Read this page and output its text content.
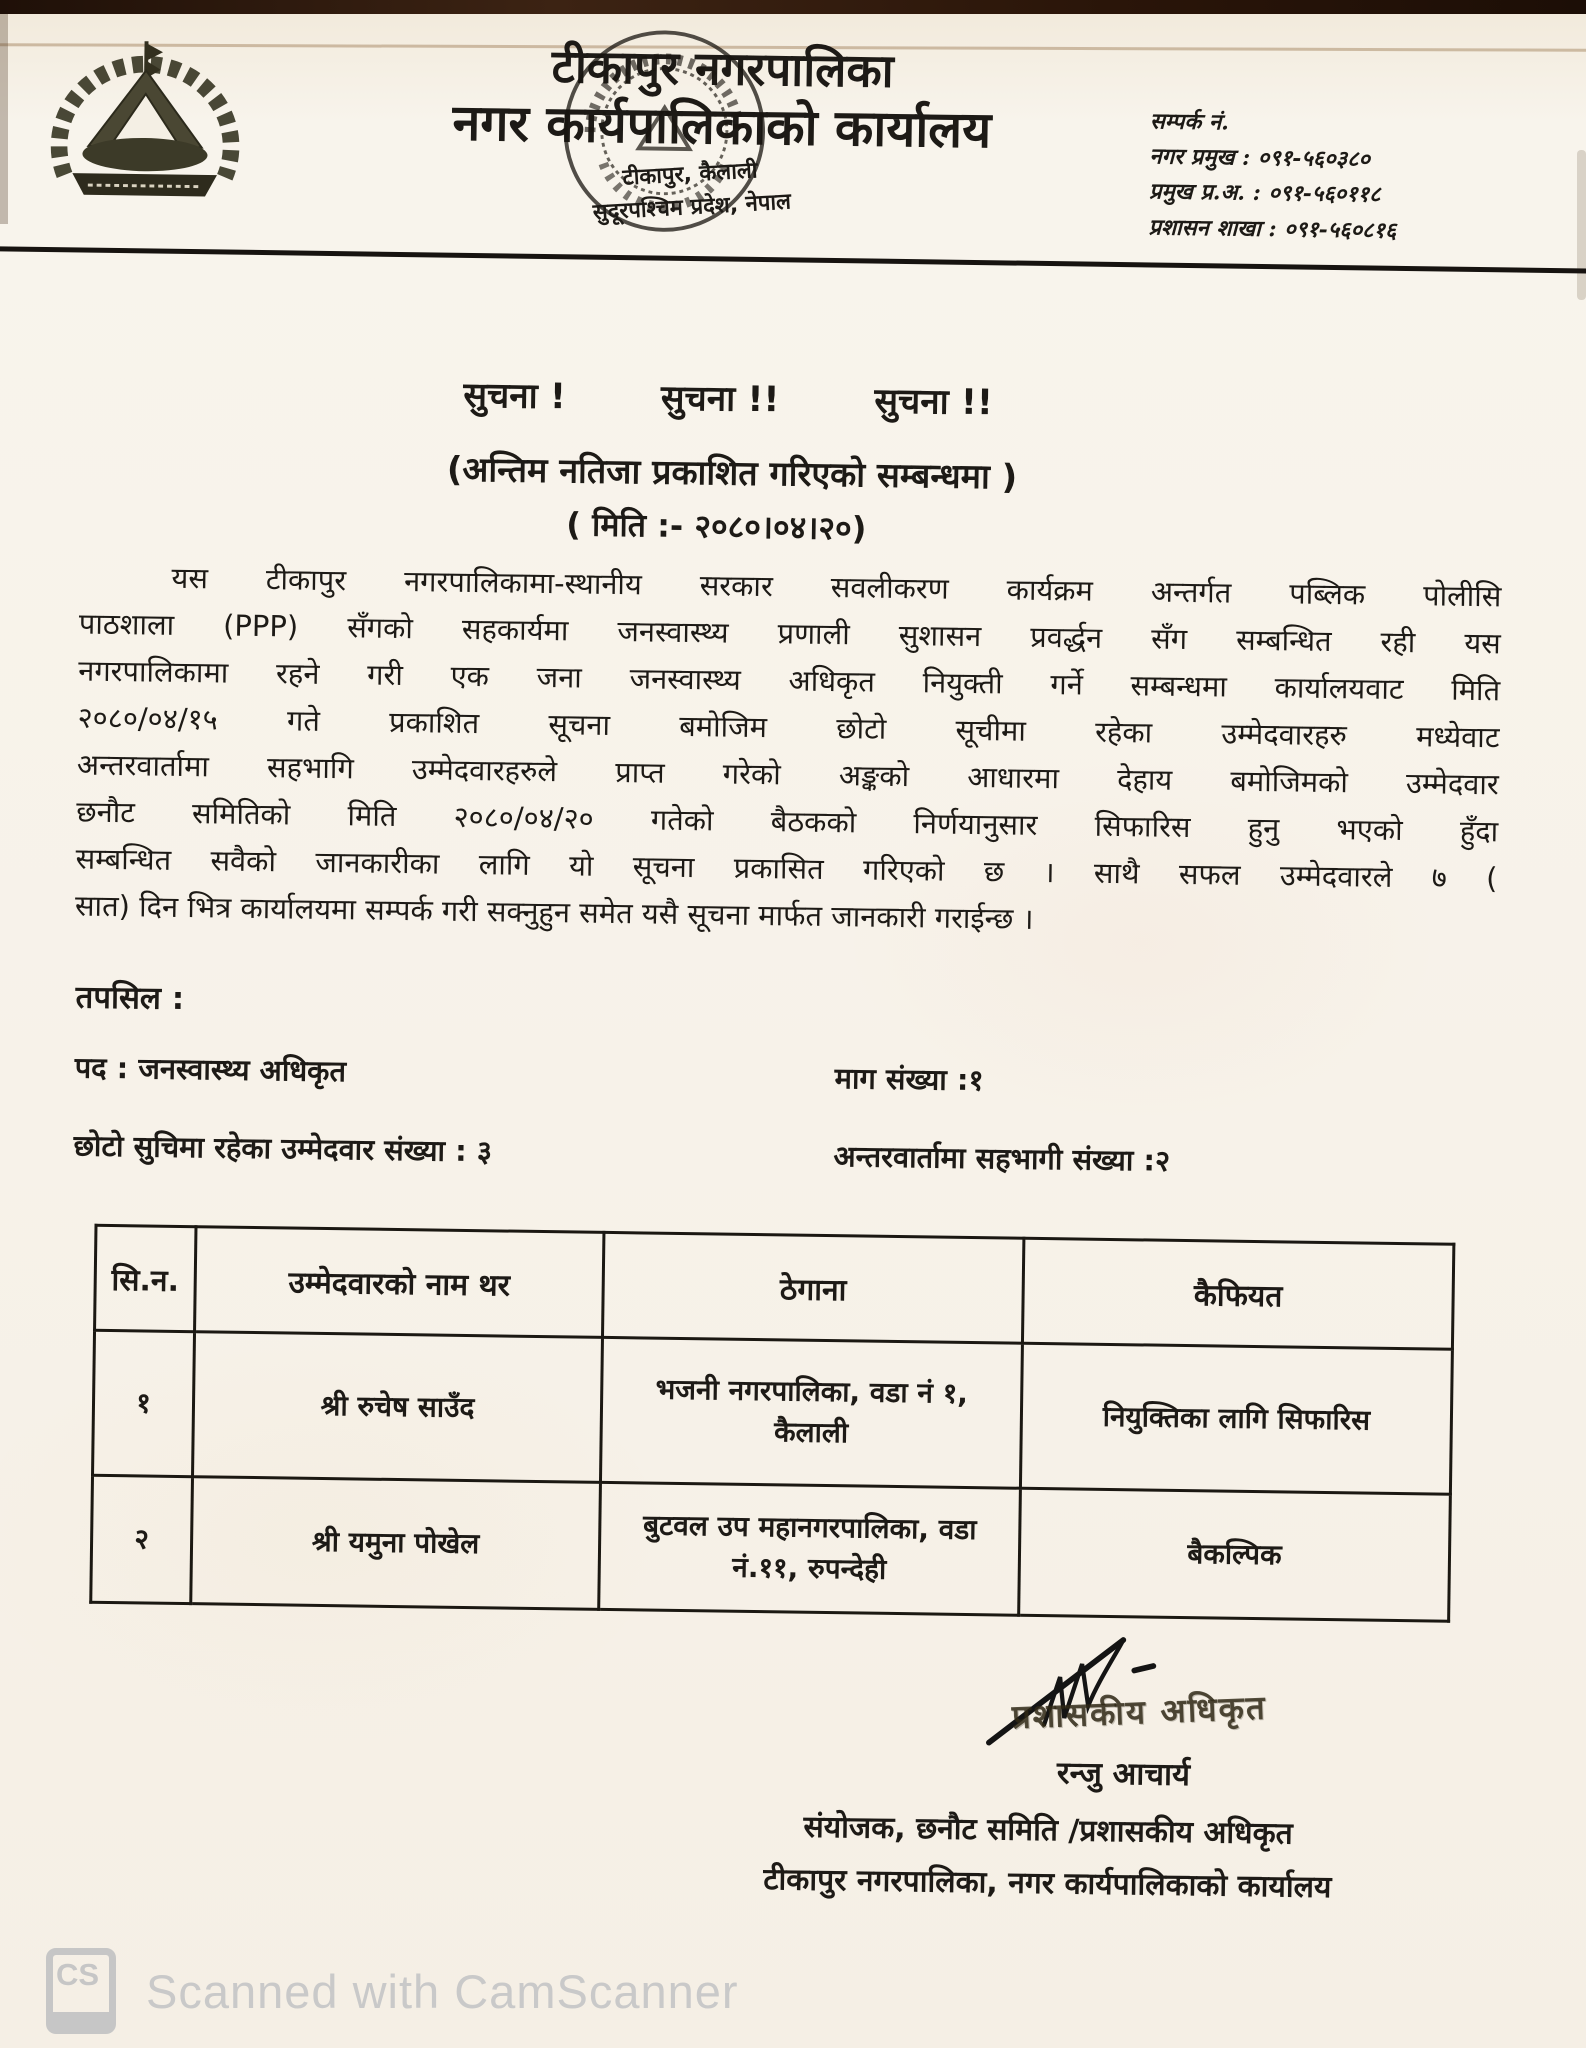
टीकापुर नगरपालिका
नगर कार्यपालिकाको कार्यालय
टीकापुर, कैलाली
सुदूरपश्चिम प्रदेश, नेपाल
सम्पर्क नं.
नगर प्रमुख : ०९१-५६०३८०
प्रमुख प्र.अ. : ०९१-५६०११८
प्रशासन शाखा : ०९१-५६०८१६
सुचना !	सुचना !!	सुचना !!
(अन्तिम नतिजा प्रकाशित गरिएको सम्बन्धमा )
( मिति :- २०८०।०४।२०)
यस टीकापुर नगरपालिकामा-स्थानीय सरकार सवलीकरण कार्यक्रम अन्तर्गत पब्लिक पोलीसि
पाठशाला (PPP) सँगको सहकार्यमा जनस्वास्थ्य प्रणाली सुशासन प्रवर्द्धन सँग सम्बन्धित रही यस
नगरपालिकामा रहने गरी एक जना जनस्वास्थ्य अधिकृत नियुक्ती गर्ने सम्बन्धमा कार्यालयवाट मिति
२०८०/०४/१५ गते प्रकाशित सूचना बमोजिम छोटो सूचीमा रहेका उम्मेदवारहरु मध्येवाट
अन्तरवार्तामा सहभागि उम्मेदवारहरुले प्राप्त गरेको अङ्कको आधारमा देहाय बमोजिमको उम्मेदवार
छनौट समितिको मिति २०८०/०४/२० गतेको बैठकको निर्णयानुसार सिफारिस हुनु भएको हुँदा
सम्बन्धित सवैको जानकारीका लागि यो सूचना प्रकासित गरिएको छ । साथै सफल उम्मेदवारले ७ (
सात) दिन भित्र कार्यालयमा सम्पर्क गरी सक्नुहुन समेत यसै सूचना मार्फत जानकारी गराईन्छ ।
तपसिल :
पद : जनस्वास्थ्य अधिकृत	माग संख्या :१
छोटो सुचिमा रहेका उम्मेदवार संख्या : ३	अन्तरवार्तामा सहभागी संख्या :२
सि.न.	उम्मेदवारको नाम थर	ठेगाना	कैफियत
१	श्री रुचेष साउँद	भजनी नगरपालिका, वडा नं १, कैलाली	नियुक्तिका लागि सिफारिस
२	श्री यमुना पोखेल	बुटवल उप महानगरपालिका, वडा नं.११, रुपन्देही	बैकल्पिक
प्रशासकीय अधिकृत
रन्जु आचार्य
संयोजक, छनौट समिति /प्रशासकीय अधिकृत
टीकापुर नगरपालिका, नगर कार्यपालिकाको कार्यालय
CS Scanned with CamScanner
